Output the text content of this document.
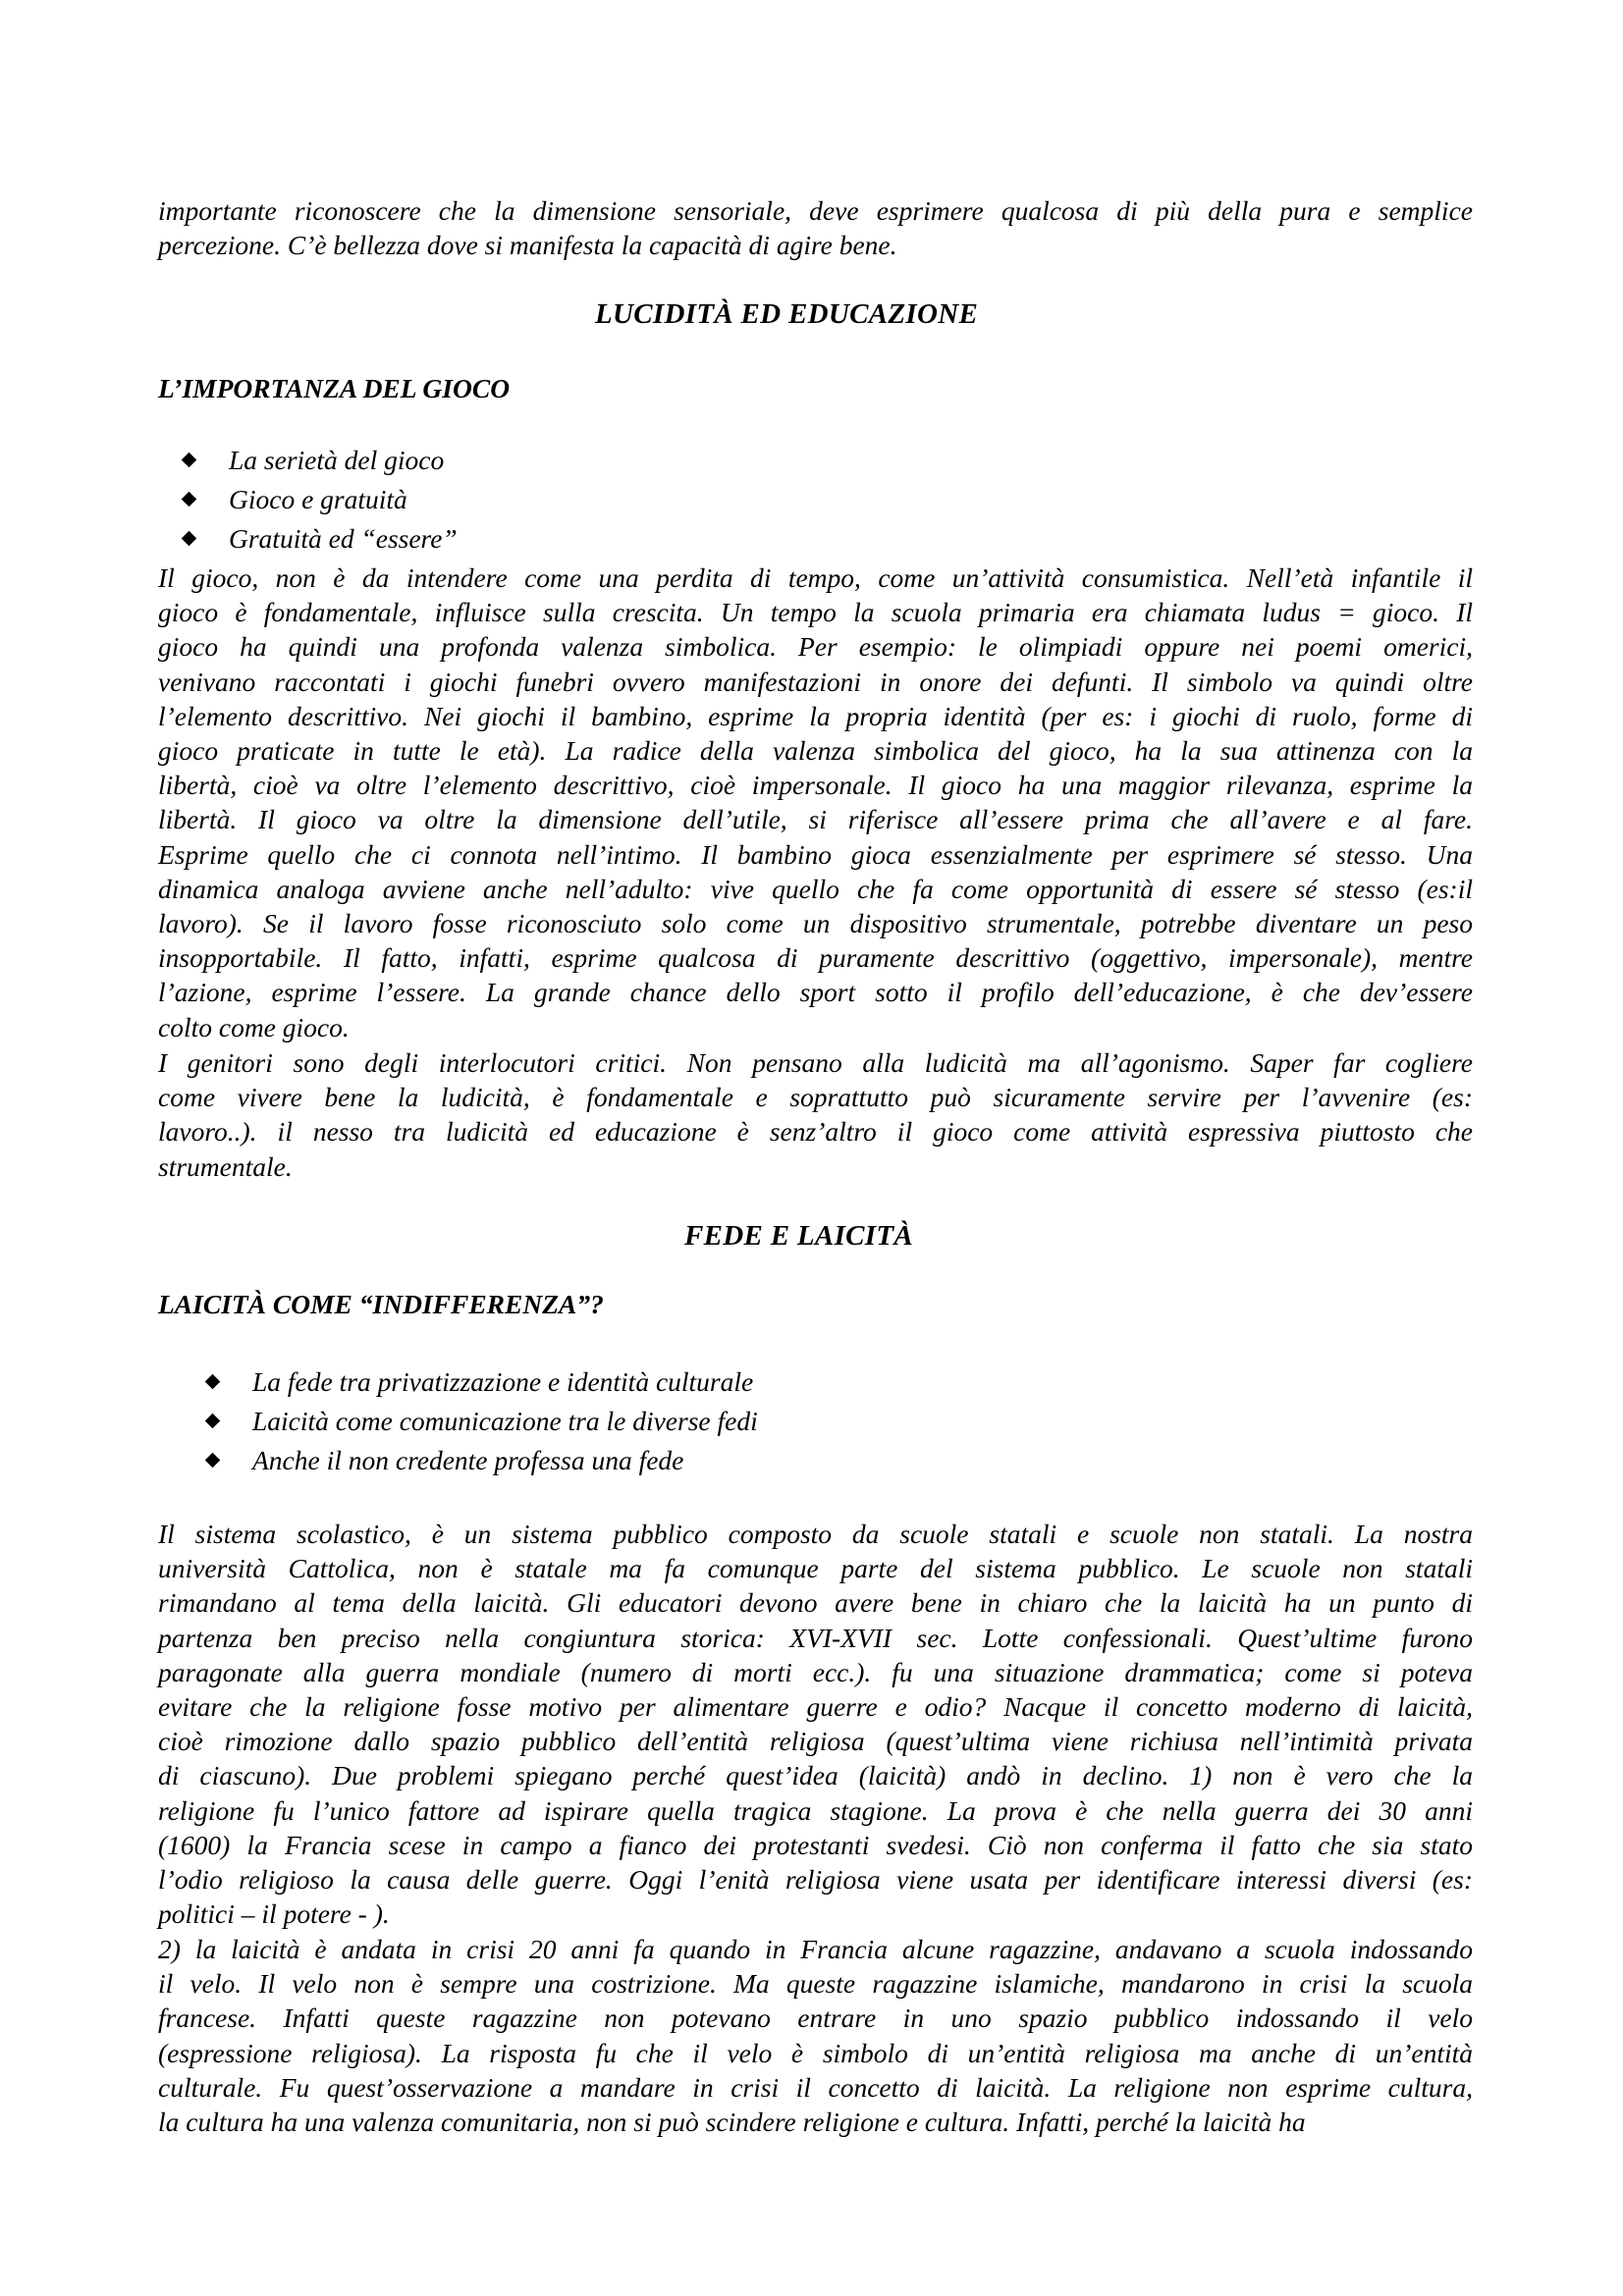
importante riconoscere che la dimensione sensoriale, deve esprimere qualcosa di più della pura e semplice
percezione. C’è bellezza dove si manifesta la capacità di agire bene.
LUCIDITÀ ED EDUCAZIONE
L’IMPORTANZA DEL GIOCO
La serietà del gioco
Gioco e gratuità
Gratuità ed “essere”
Il gioco, non è da intendere come una perdita di tempo, come un’attività consumistica. Nell’età infantile il
gioco è fondamentale, influisce sulla crescita. Un tempo la scuola primaria era chiamata ludus = gioco. Il
gioco ha quindi una profonda valenza simbolica. Per esempio: le olimpiadi oppure nei poemi omerici,
venivano raccontati i giochi funebri ovvero manifestazioni in onore dei defunti. Il simbolo va quindi oltre
l’elemento descrittivo. Nei giochi il bambino, esprime la propria identità (per es: i giochi di ruolo, forme di
gioco praticate in tutte le età). La radice della valenza simbolica del gioco, ha la sua attinenza con la
libertà, cioè va oltre l’elemento descrittivo, cioè impersonale. Il gioco ha una maggior rilevanza, esprime la
libertà. Il gioco va oltre la dimensione dell’utile, si riferisce all’essere prima che all’avere e al fare.
Esprime quello che ci connota nell’intimo. Il bambino gioca essenzialmente per esprimere sé stesso. Una
dinamica analoga avviene anche nell’adulto: vive quello che fa come opportunità di essere sé stesso (es:il
lavoro). Se il lavoro fosse riconosciuto solo come un dispositivo strumentale, potrebbe diventare un peso
insopportabile. Il fatto, infatti, esprime qualcosa di puramente descrittivo (oggettivo, impersonale), mentre
l’azione, esprime l’essere. La grande chance dello sport sotto il profilo dell’educazione, è che dev’essere
colto come gioco.
I genitori sono degli interlocutori critici. Non pensano alla ludicità ma all’agonismo. Saper far cogliere
come vivere bene la ludicità, è fondamentale e soprattutto può sicuramente servire per l’avvenire (es:
lavoro..). il nesso tra ludicità ed educazione è senz’altro il gioco come attività espressiva piuttosto che
strumentale.
FEDE E LAICITÀ
LAICITÀ COME “INDIFFERENZA”?
La fede tra privatizzazione e identità culturale
Laicità come comunicazione tra le diverse fedi
Anche il non credente professa una fede
Il sistema scolastico, è un sistema pubblico composto da scuole statali e scuole non statali. La nostra
università Cattolica, non è statale ma fa comunque parte del sistema pubblico. Le scuole non statali
rimandano al tema della laicità. Gli educatori devono avere bene in chiaro che la laicità ha un punto di
partenza ben preciso nella congiuntura storica: XVI-XVII sec. Lotte confessionali. Quest’ultime furono
paragonate alla guerra mondiale (numero di morti ecc.). fu una situazione drammatica; come si poteva
evitare che la religione fosse motivo per alimentare guerre e odio? Nacque il concetto moderno di laicità,
cioè rimozione dallo spazio pubblico dell’entità religiosa (quest’ultima viene richiusa nell’intimità privata
di ciascuno). Due problemi spiegano perché quest’idea (laicità) andò in declino. 1) non è vero che la
religione fu l’unico fattore ad ispirare quella tragica stagione. La prova è che nella guerra dei 30 anni
(1600) la Francia scese in campo a fianco dei protestanti svedesi. Ciò non conferma il fatto che sia stato
l’odio religioso la causa delle guerre. Oggi l’enità religiosa viene usata per identificare interessi diversi (es:
politici – il potere - ).
2) la laicità è andata in crisi 20 anni fa quando in Francia alcune ragazzine, andavano a scuola indossando
il velo. Il velo non è sempre una costrizione. Ma queste ragazzine islamiche, mandarono in crisi la scuola
francese. Infatti queste ragazzine non potevano entrare in uno spazio pubblico indossando il velo
(espressione religiosa). La risposta fu che il velo è simbolo di un’entità religiosa ma anche di un’entità
culturale. Fu quest’osservazione a mandare in crisi il concetto di laicità. La religione non esprime cultura,
la cultura ha una valenza comunitaria, non si può scindere religione e cultura. Infatti, perché la laicità ha
